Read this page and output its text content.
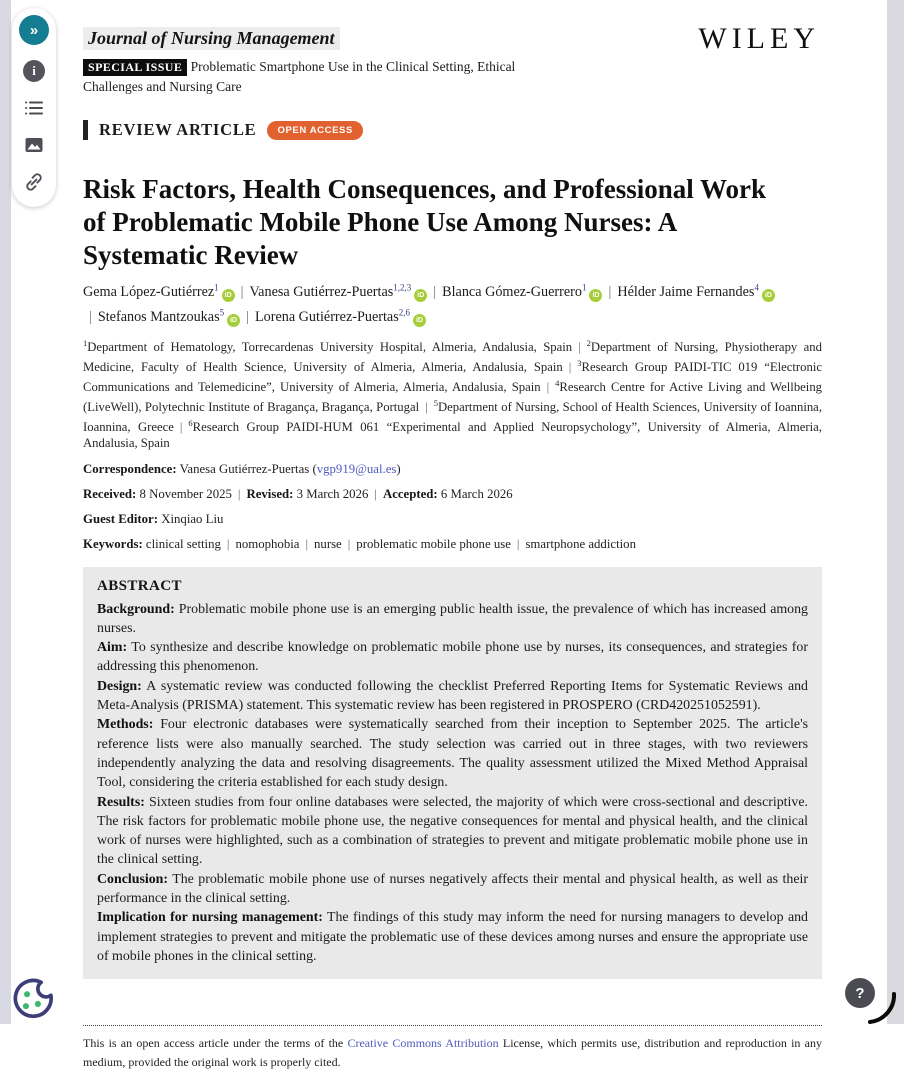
»
i
Journal of Nursing Management
SPECIAL ISSUE Problematic Smartphone Use in the Clinical Setting, Ethical Challenges and Nursing Care
WILEY
REVIEW ARTICLE	OPEN ACCESS
Risk Factors, Health Consequences, and Professional Work of Problematic Mobile Phone Use Among Nurses: A Systematic Review
Gema López-Gutiérrez$^1$iD | Vanesa Gutiérrez-Puertas$^{1,2,3}$iD | Blanca Gómez-Guerrero$^1$iD | Hélder Jaime Fernandes$^4$iD| Stefanos Mantzoukas$^5$iD | Lorena Gutiérrez-Puertas$^{2,6}$iD
$^1$Department of Hematology, Torrecardenas University Hospital, Almeria, Andalusia, Spain | $^2$Department of Nursing, Physiotherapy and Medicine, Faculty of Health Science, University of Almeria, Almeria, Andalusia, Spain | $^3$Research Group PAIDI-TIC 019 “Electronic Communications and Telemedicine”, University of Almeria, Almeria, Andalusia, Spain | $^4$Research Centre for Active Living and Wellbeing (LiveWell), Polytechnic Institute of Bragança, Bragança, Portugal | $^5$Department of Nursing, School of Health Sciences, University of Ioannina, Ioannina, Greece | $^6$Research Group PAIDI-HUM 061 “Experimental and Applied Neuropsychology”, University of Almeria, Almeria, Andalusia, Spain
Correspondence: Vanesa Gutiérrez-Puertas (vgp919@ual.es)
Received: 8 November 2025 | Revised: 3 March 2026 | Accepted: 6 March 2026
Guest Editor: Xinqiao Liu
Keywords: clinical setting | nomophobia | nurse | problematic mobile phone use | smartphone addiction
ABSTRACT

Background: Problematic mobile phone use is an emerging public health issue, the prevalence of which has increased among nurses.

Aim: To synthesize and describe knowledge on problematic mobile phone use by nurses, its consequences, and strategies for addressing this phenomenon.

Design: A systematic review was conducted following the checklist Preferred Reporting Items for Systematic Reviews and Meta-Analysis (PRISMA) statement. This systematic review has been registered in PROSPERO (CRD420251052591).

Methods: Four electronic databases were systematically searched from their inception to September 2025. The article's reference lists were also manually searched. The study selection was carried out in three stages, with two reviewers independently analyzing the data and resolving disagreements. The quality assessment utilized the Mixed Method Appraisal Tool, considering the criteria established for each study design.

Results: Sixteen studies from four online databases were selected, the majority of which were cross-sectional and descriptive. The risk factors for problematic mobile phone use, the negative consequences for mental and physical health, and the clinical work of nurses were highlighted, such as a combination of strategies to prevent and mitigate problematic mobile phone use in the clinical setting.

Conclusion: The problematic mobile phone use of nurses negatively affects their mental and physical health, as well as their performance in the clinical setting.

Implication for nursing management: The findings of this study may inform the need for nursing managers to develop and implement strategies to prevent and mitigate the problematic use of these devices among nurses and ensure the appropriate use of mobile phones in the clinical setting.

This is an open access article under the terms of the Creative Commons Attribution License, which permits use, distribution and reproduction in any medium, provided the original work is properly cited.
?
